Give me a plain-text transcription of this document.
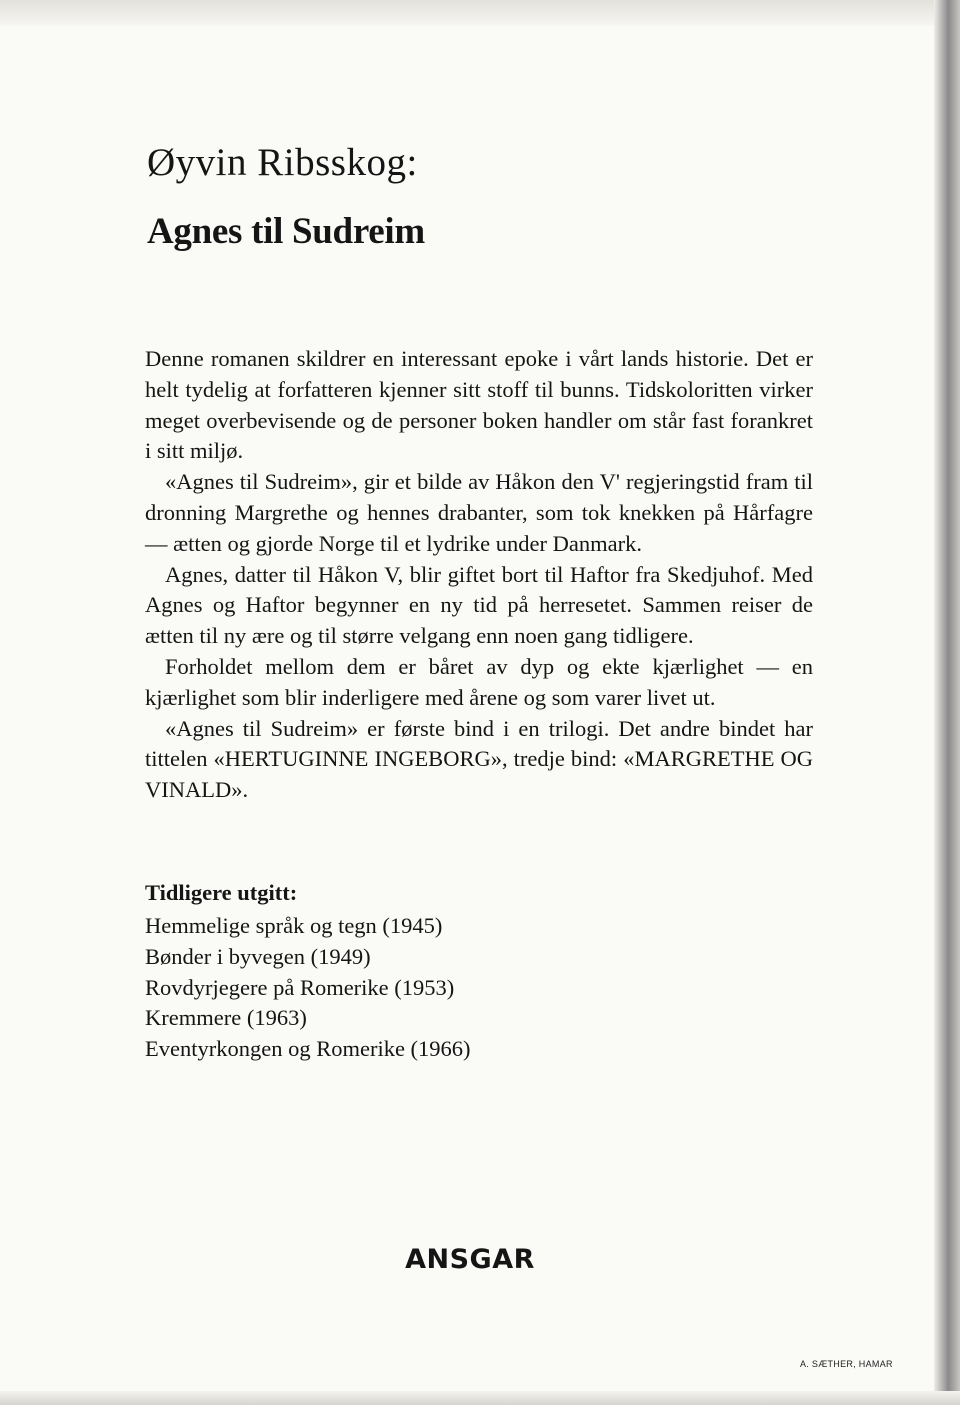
Øyvin Ribsskog:
Agnes til Sudreim

Denne romanen skildrer en interessant epoke i vårt lands historie. Det er helt tydelig at forfatteren kjenner sitt stoff til bunns. Tidskoloritten virker meget overbevisende og de personer boken handler om står fast forankret i sitt miljø.

«Agnes til Sudreim», gir et bilde av Håkon den V' regjeringstid fram til dronning Margrethe og hennes drabanter, som tok knekken på Hårfagre — ætten og gjorde Norge til et lydrike under Danmark.

Agnes, datter til Håkon V, blir giftet bort til Haftor fra Skedjuhof. Med Agnes og Haftor begynner en ny tid på herresetet. Sammen reiser de ætten til ny ære og til større velgang enn noen gang tidligere.

Forholdet mellom dem er båret av dyp og ekte kjærlighet — en kjærlighet som blir inderligere med årene og som varer livet ut.

«Agnes til Sudreim» er første bind i en trilogi. Det andre bindet har tittelen «HERTUGINNE INGEBORG», tredje bind: «MARGRETHE OG VINALD».

Tidligere utgitt:
Hemmelige språk og tegn (1945)
Bønder i byvegen (1949)
Rovdyrjegere på Romerike (1953)
Kremmere (1963)
Eventyrkongen og Romerike (1966)
ANSGAR
A. SÆTHER, HAMAR
